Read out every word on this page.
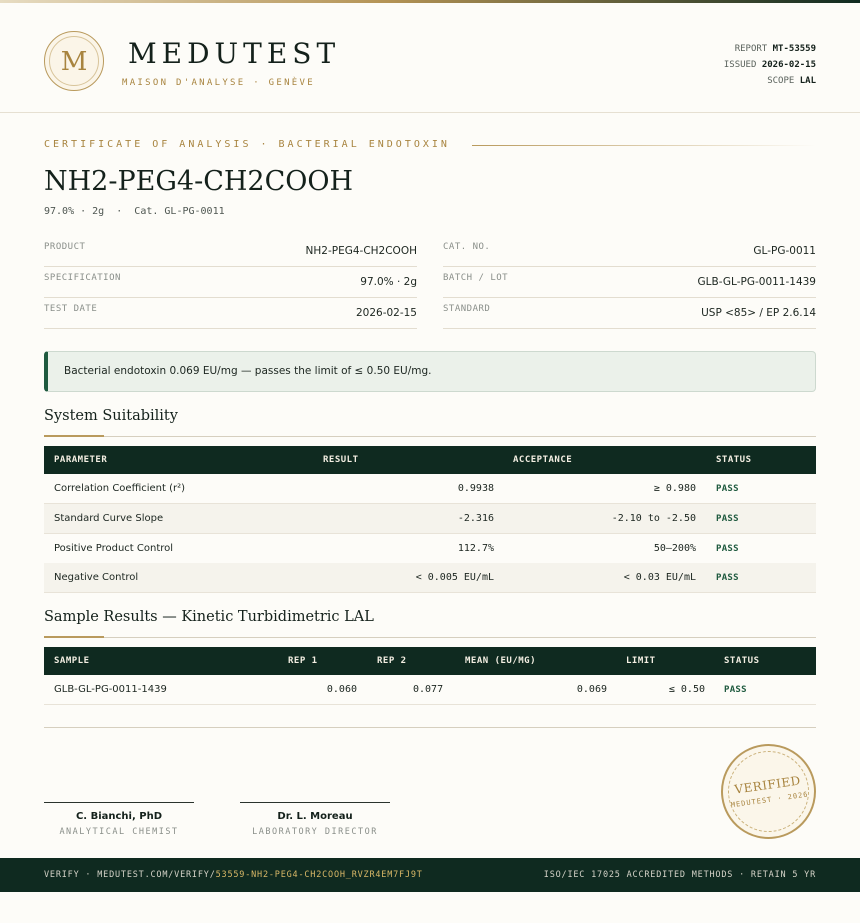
M	MEDUTEST
MAISON D'ANALYSE · GENÈVE
REPORT MT-53559
ISSUED 2026-02-15
SCOPE LAL
CERTIFICATE OF ANALYSIS · BACTERIAL ENDOTOXIN
NH2-PEG4-CH2COOH
97.0% · 2g  ·  Cat. GL-PG-0011
PRODUCT	NH2-PEG4-CH2COOH
SPECIFICATION	97.0% · 2g
TEST DATE	2026-02-15
CAT. NO.	GL-PG-0011
BATCH / LOT	GLB-GL-PG-0011-1439
STANDARD	USP <85> / EP 2.6.14
Bacterial endotoxin 0.069 EU/mg — passes the limit of ≤ 0.50 EU/mg.
System Suitability
PARAMETER	RESULT	ACCEPTANCE	STATUS
Correlation Coefficient (r²)	0.9938	≥ 0.980 PASS
Standard Curve Slope	-2.316	-2.10 to -2.50 PASS
Positive Product Control	112.7%	50–200% PASS
Negative Control	< 0.005 EU/mL	< 0.03 EU/mL PASS
Sample Results — Kinetic Turbidimetric LAL
SAMPLE	REP 1	REP 2	MEAN (EU/MG)	LIMIT	STATUS
GLB-GL-PG-0011-1439	0.060	0.077	0.069	≤ 0.50 PASS
C. Bianchi, PhD
ANALYTICAL CHEMIST
Dr. L. Moreau
LABORATORY DIRECTOR
VERIFIED
MEDUTEST · 2026
VERIFY · MEDUTEST.COM/VERIFY/53559-NH2-PEG4-CH2COOH_RVZR4EM7FJ9T	ISO/IEC 17025 ACCREDITED METHODS · RETAIN 5 YR
